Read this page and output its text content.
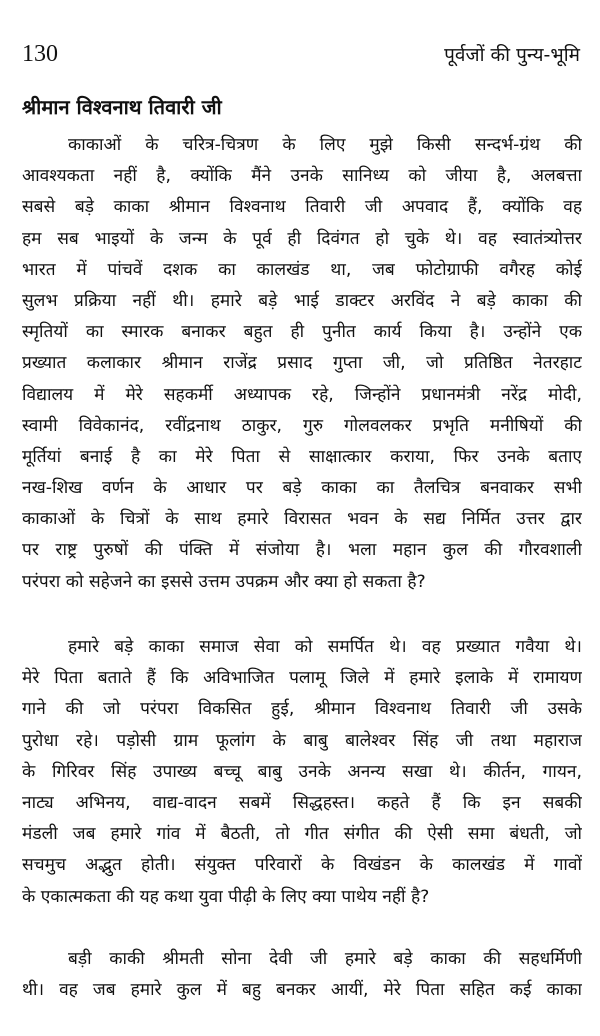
130	पूर्वजों की पुन्य-भूमि
श्रीमान विश्वनाथ तिवारी जी
काकाओं के चरित्र-चित्रण के लिए मुझे किसी सन्दर्भ-ग्रंथ की
आवश्यकता नहीं है, क्योंकि मैंने उनके सानिध्य को जीया है, अलबत्ता
सबसे बड़े काका श्रीमान विश्वनाथ तिवारी जी अपवाद हैं, क्योंकि वह
हम सब भाइयों के जन्म के पूर्व ही दिवंगत हो चुके थे। वह स्वातंत्र्योत्तर
भारत में पांचवें दशक का कालखंड था, जब फोटोग्राफी वगैरह कोई
सुलभ प्रक्रिया नहीं थी। हमारे बड़े भाई डाक्टर अरविंद ने बड़े काका की
स्मृतियों का स्मारक बनाकर बहुत ही पुनीत कार्य किया है। उन्होंने एक
प्रख्यात कलाकार श्रीमान राजेंद्र प्रसाद गुप्ता जी, जो प्रतिष्ठित नेतरहाट
विद्यालय में मेरे सहकर्मी अध्यापक रहे, जिन्होंने प्रधानमंत्री नरेंद्र मोदी,
स्वामी विवेकानंद, रवींद्रनाथ ठाकुर, गुरु गोलवलकर प्रभृति मनीषियों की
मूर्तियां बनाई है का मेरे पिता से साक्षात्कार कराया, फिर उनके बताए
नख-शिख वर्णन के आधार पर बड़े काका का तैलचित्र बनवाकर सभी
काकाओं के चित्रों के साथ हमारे विरासत भवन के सद्य निर्मित उत्तर द्वार
पर राष्ट्र पुरुषों की पंक्ति में संजोया है। भला महान कुल की गौरवशाली
परंपरा को सहेजने का इससे उत्तम उपक्रम और क्या हो सकता है?
हमारे बड़े काका समाज सेवा को समर्पित थे। वह प्रख्यात गवैया थे।
मेरे पिता बताते हैं कि अविभाजित पलामू जिले में हमारे इलाके में रामायण
गाने की जो परंपरा विकसित हुई, श्रीमान विश्वनाथ तिवारी जी उसके
पुरोधा रहे। पड़ोसी ग्राम फूलांग के बाबु बालेश्वर सिंह जी तथा महाराज
के गिरिवर सिंह उपाख्य बच्चू बाबु उनके अनन्य सखा थे। कीर्तन, गायन,
नाट्य अभिनय, वाद्य-वादन सबमें सिद्धहस्त। कहते हैं कि इन सबकी
मंडली जब हमारे गांव में बैठती, तो गीत संगीत की ऐसी समा बंधती, जो
सचमुच अद्भुत होती। संयुक्त परिवारों के विखंडन के कालखंड में गावों
के एकात्मकता की यह कथा युवा पीढ़ी के लिए क्या पाथेय नहीं है?
बड़ी काकी श्रीमती सोना देवी जी हमारे बड़े काका की सहधर्मिणी
थी। वह जब हमारे कुल में बहु बनकर आयीं, मेरे पिता सहित कई काका
